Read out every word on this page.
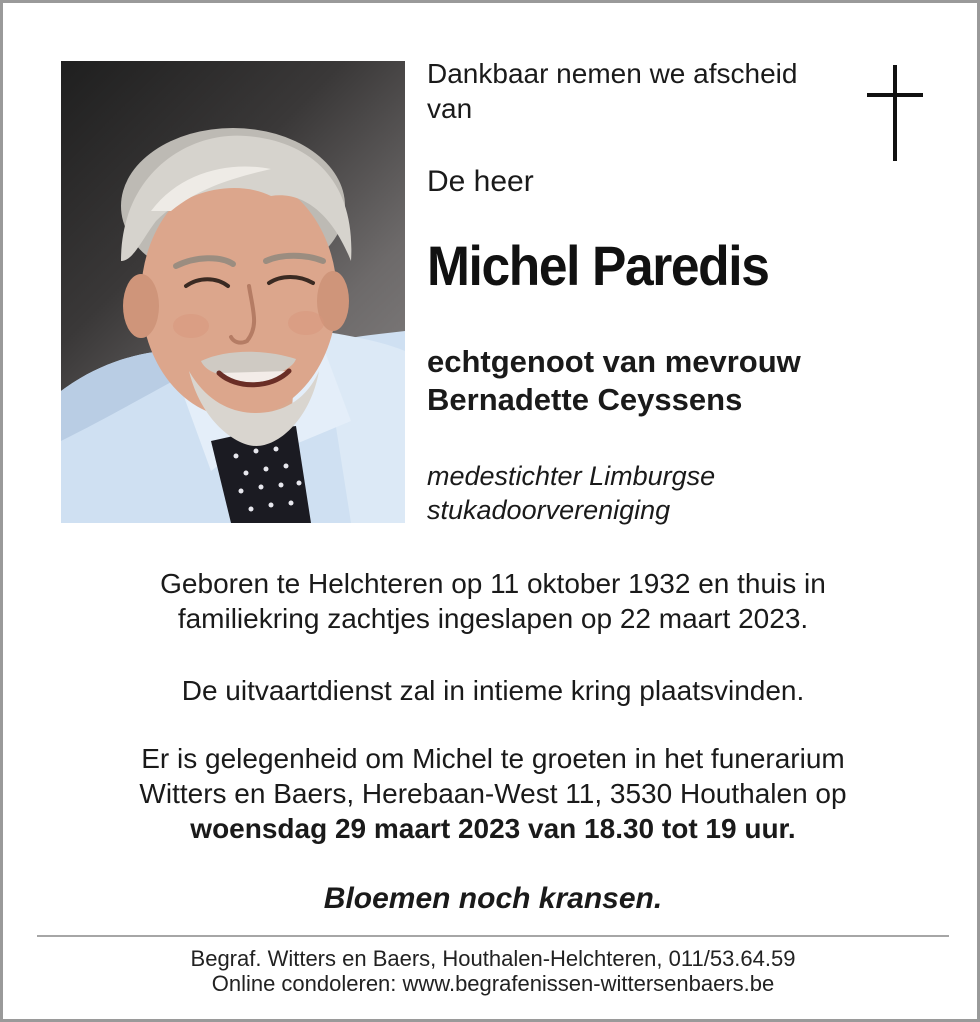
Dankbaar nemen we afscheid
van
De heer
Michel Paredis
echtgenoot van mevrouw
Bernadette Ceyssens
medestichter Limburgse
stukadoorvereniging
Geboren te Helchteren op 11 oktober 1932 en thuis in
familiekring zachtjes ingeslapen op 22 maart 2023.
De uitvaartdienst zal in intieme kring plaatsvinden.
Er is gelegenheid om Michel te groeten in het funerarium
Witters en Baers, Herebaan-West 11, 3530 Houthalen op
woensdag 29 maart 2023 van 18.30 tot 19 uur.
Bloemen noch kransen.
Begraf. Witters en Baers, Houthalen-Helchteren, 011/53.64.59
Online condoleren: www.begrafenissen-wittersenbaers.be
